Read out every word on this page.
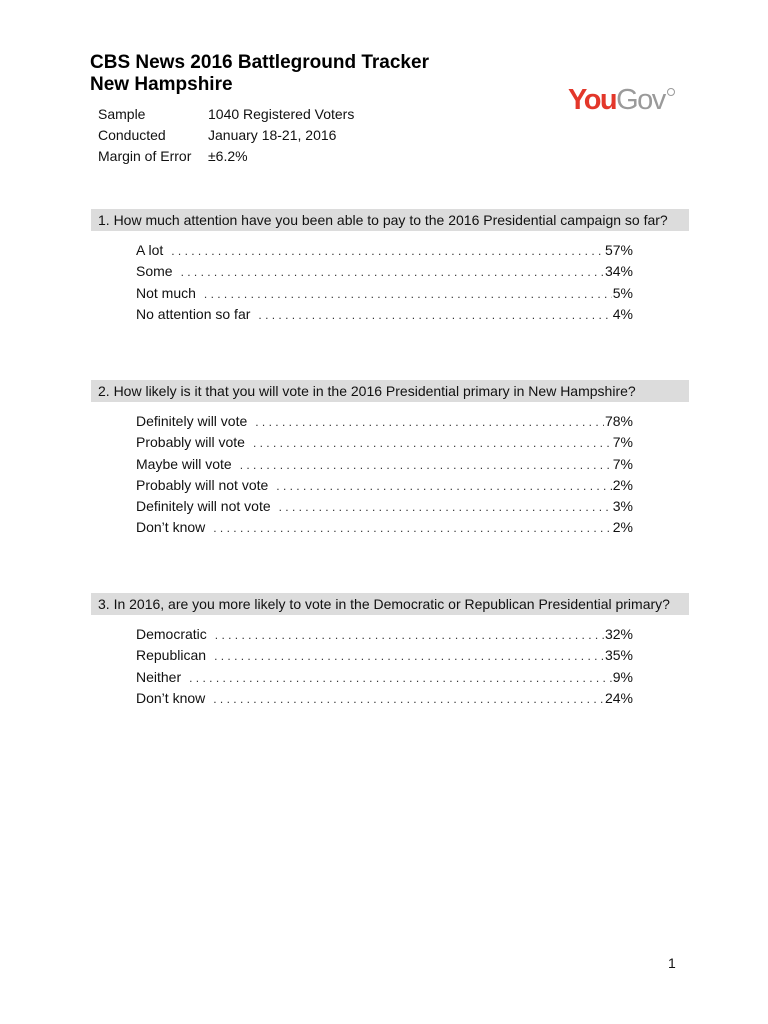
CBS News 2016 Battleground Tracker
New Hampshire	YouGov
Sample	1040 Registered Voters
Conducted	January 18-21, 2016
Margin of Error	±6.2%
1. How much attention have you been able to pay to the 2016 Presidential campaign so far?
A lot . . .	57%
Some . . .	34%
Not much . . .	5%
No attention so far . . .	4%
2. How likely is it that you will vote in the 2016 Presidential primary in New Hampshire?
Definitely will vote . . .	78%
Probably will vote . . .	7%
Maybe will vote . . .	7%
Probably will not vote . . .	2%
Definitely will not vote . . .	3%
Don’t know . . .	2%
3. In 2016, are you more likely to vote in the Democratic or Republican Presidential primary?
Democratic . . .	32%
Republican . . .	35%
Neither . . .	9%
Don’t know . . .	24%
1
